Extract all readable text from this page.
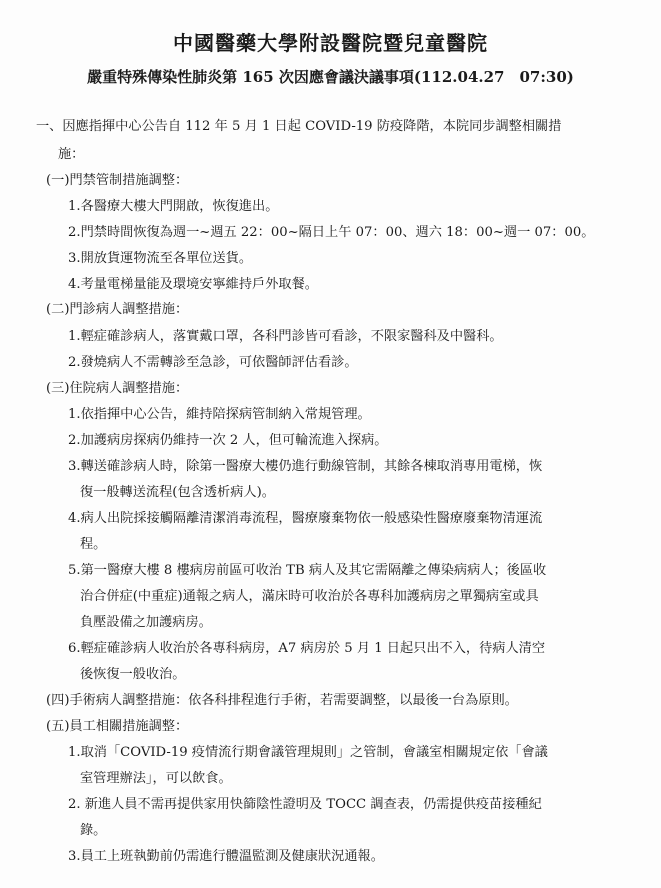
中國醫藥大學附設醫院暨兒童醫院
嚴重特殊傳染性肺炎第 165 次因應會議決議事項(112.04.27　07:30)
一、因應指揮中心公告自 112 年 5 月 1 日起 COVID-19 防疫降階，本院同步調整相關措
施：
(一)門禁管制措施調整：
1.各醫療大樓大門開啟，恢復進出。
2.門禁時間恢復為週一~週五 22：00~隔日上午 07：00、週六 18：00~週一 07：00。
3.開放貨運物流至各單位送貨。
4.考量電梯量能及環境安寧維持戶外取餐。
(二)門診病人調整措施：
1.輕症確診病人，落實戴口罩，各科門診皆可看診，不限家醫科及中醫科。
2.發燒病人不需轉診至急診，可依醫師評估看診。
(三)住院病人調整措施：
1.依指揮中心公告，維持陪探病管制納入常規管理。
2.加護病房探病仍維持一次 2 人，但可輪流進入探病。
3.轉送確診病人時，除第一醫療大樓仍進行動線管制，其餘各棟取消專用電梯，恢
復一般轉送流程(包含透析病人)。
4.病人出院採接觸隔離清潔消毒流程，醫療廢棄物依一般感染性醫療廢棄物清運流
程。
5.第一醫療大樓 8 樓病房前區可收治 TB 病人及其它需隔離之傳染病病人；後區收
治合併症(中重症)通報之病人，滿床時可收治於各專科加護病房之單獨病室或具
負壓設備之加護病房。
6.輕症確診病人收治於各專科病房，A7 病房於 5 月 1 日起只出不入，待病人清空
後恢復一般收治。
(四)手術病人調整措施：依各科排程進行手術，若需要調整，以最後一台為原則。
(五)員工相關措施調整：
1.取消「COVID-19 疫情流行期會議管理規則」之管制，會議室相關規定依「會議
室管理辦法」，可以飲食。
2. 新進人員不需再提供家用快篩陰性證明及 TOCC 調查表，仍需提供疫苗接種紀
錄。
3.員工上班執勤前仍需進行體溫監測及健康狀況通報。
